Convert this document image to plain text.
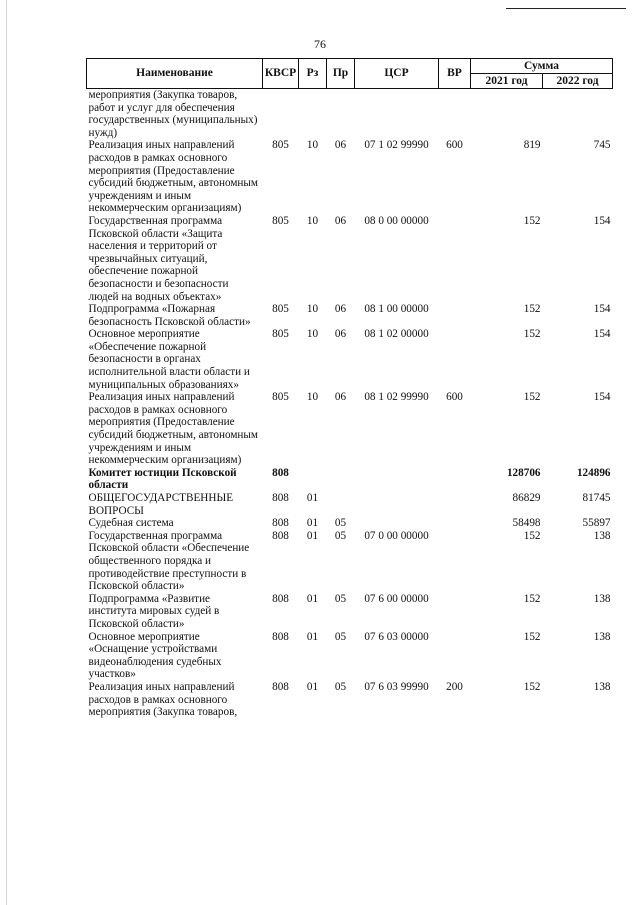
76
Наименование	КВСР	Рз	Пр	ЦСР	ВР	Сумма	
						2021 год	2022 год
мероприятия (Закупка товаров, работ и услуг для обеспечения государственных (муниципальных) нужд)							
Реализация иных направлений расходов в рамках основного мероприятия (Предоставление субсидий бюджетным, автономным учреждениям и иным некоммерческим организациям)	805	10	06	07 1 02 99990	600	819	745
Государственная программа Псковской области «Защита населения и территорий от чрезвычайных ситуаций, обеспечение пожарной безопасности и безопасности людей на водных объектах»	805	10	06	08 0 00 00000		152	154
Подпрограмма «Пожарная безопасность Псковской области»	805	10	06	08 1 00 00000		152	154
Основное мероприятие «Обеспечение пожарной безопасности в органах исполнительной власти области и муниципальных образованиях»	805	10	06	08 1 02 00000		152	154
Реализация иных направлений расходов в рамках основного мероприятия (Предоставление субсидий бюджетным, автономным учреждениям и иным некоммерческим организациям)	805	10	06	08 1 02 99990	600	152	154
Комитет юстиции Псковской области	808					128706	124896
ОБЩЕГОСУДАРСТВЕННЫЕ ВОПРОСЫ	808	01				86829	81745
Судебная система	808	01	05			58498	55897
Государственная программа Псковской области «Обеспечение общественного порядка и противодействие преступности в Псковской области»	808	01	05	07 0 00 00000		152	138
Подпрограмма «Развитие института мировых судей в Псковской области»	808	01	05	07 6 00 00000		152	138
Основное мероприятие «Оснащение устройствами видеонаблюдения судебных участков»	808	01	05	07 6 03 00000		152	138
Реализация иных направлений расходов в рамках основного мероприятия (Закупка товаров,	808	01	05	07 6 03 99990	200	152	138
